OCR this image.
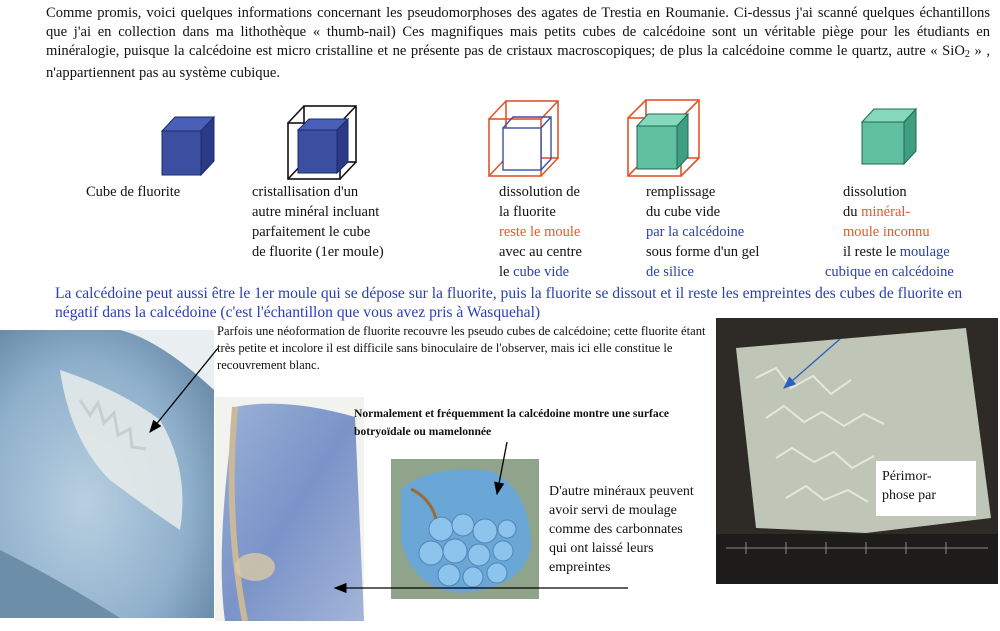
Comme promis, voici quelques informations concernant les pseudomorphoses des agates de Trestia en Roumanie. Ci-dessus j'ai scanné quelques échantillons que j'ai en collection dans ma lithothèque « thumb-nail) Ces magnifiques mais petits cubes de calcédoine sont un véritable piège pour les étudiants en minéralogie, puisque la calcédoine est micro cristalline et ne présente pas de cristaux macroscopiques; de plus la calcédoine comme le quartz, autre « SiO$_2$ » , n'appartiennent pas au système cubique.

Cube de fluorite	cristallisation d'un
autre minéral incluant
parfaitement le cube
de fluorite (1er moule)
dissolution de
la fluorite
reste le moule
avec au centre
le cube vide
remplissage
du cube vide
par la calcédoine
sous forme d'un gel
de silice
dissolution
du minéral-
moule inconnu
il reste le moulage
cubique en calcédoine

La calcédoine peut aussi être le 1er moule qui se dépose sur la fluorite, puis la fluorite se dissout et il reste les empreintes des cubes de fluorite en négatif dans la calcédoine (c'est l'échantillon que vous avez pris à Wasquehal)

Parfois une néoformation de fluorite recouvre les pseudo cubes de calcédoine; cette fluorite étant très petite et incolore il est difficile sans binoculaire de l'observer, mais ici elle constitue le recouvrement blanc.
Normalement et fréquemment la calcédoine montre une surface botryoïdale ou mamelonnée
D'autre minéraux peuvent avoir servi de moulage comme des carbonnates qui ont laissé leurs empreintes
Périmor-
phose par
